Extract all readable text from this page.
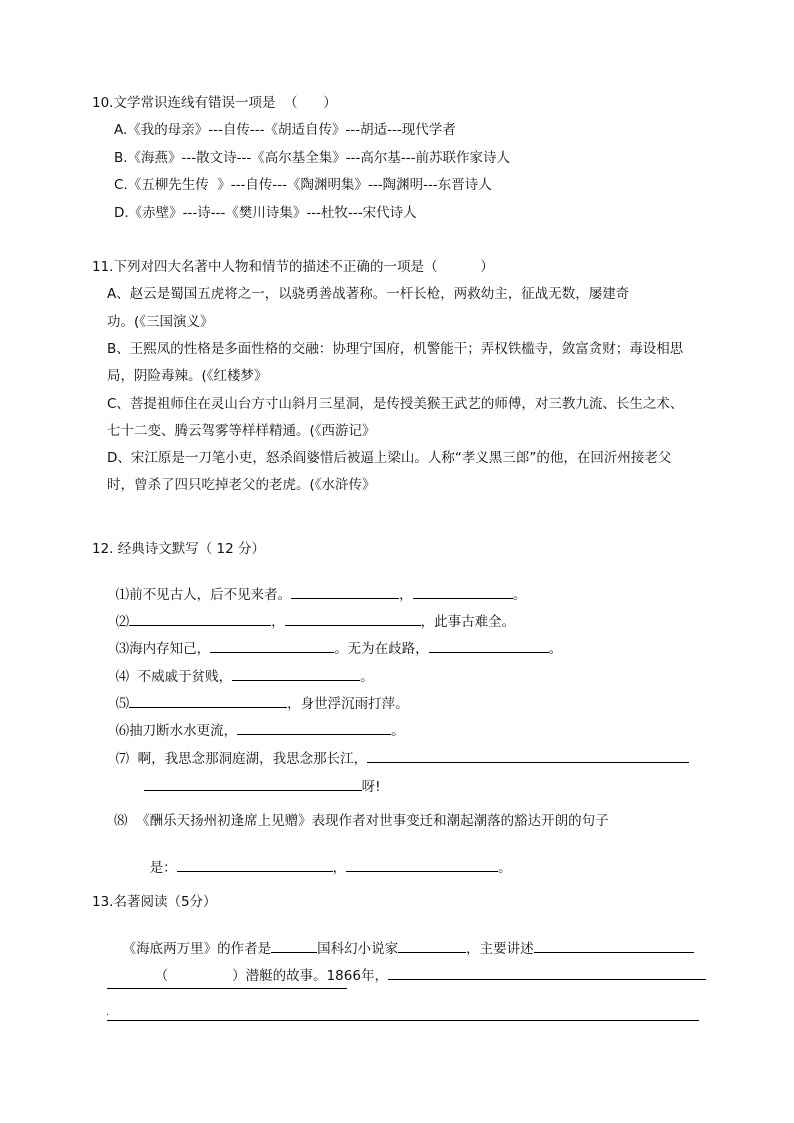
10.文学常识连线有错误一项是  （      ）
A.《我的母亲》---自传---《胡适自传》---胡适---现代学者
B.《海燕》---散文诗---《高尔基全集》---高尔基---前苏联作家诗人
C.《五柳先生传  》---自传---《陶渊明集》---陶渊明---东晋诗人
D.《赤壁》---诗---《樊川诗集》---杜牧---宋代诗人
11.下列对四大名著中人物和情节的描述不正确的一项是（          ）
A、赵云是蜀国五虎将之一，以骁勇善战著称。一杆长枪，两救幼主，征战无数，屡建奇
功。(《三国演义》
B、王熙凤的性格是多面性格的交融：协理宁国府，机警能干；弄权铁槛寺，敛富贪财；毒设相思
局，阴险毒辣。(《红楼梦》
C、菩提祖师住在灵山台方寸山斜月三星洞，是传授美猴王武艺的师傅，对三教九流、长生之术、
七十二变、腾云驾雾等样样精通。(《西游记》
D、宋江原是一刀笔小吏，怒杀阎婆惜后被逼上梁山。人称“孝义黑三郎”的他，在回沂州接老父
时，曾杀了四只吃掉老父的老虎。(《水浒传》
12. 经典诗文默写（ 12 分）

⑴前不见古人，后不见来者。	，	。

⑵	，	，此事古难全。

⑶海内存知己，	。无为在歧路，	。

⑷  不威戚于贫贱，	。

⑸	，身世浮沉雨打萍。

⑹抽刀断水水更流，	。

⑺  啊，我思念那洞庭湖，我思念那长江，

呀!

⑻  《酬乐天扬州初逢席上见赠》表现作者对世事变迁和潮起潮落的豁达开朗的句子

是：	，	。

13.名著阅读（5分）

《海底两万里》的作者是	国科幻小说家	，主要讲述

（	）潜艇的故事。1866年，

.
